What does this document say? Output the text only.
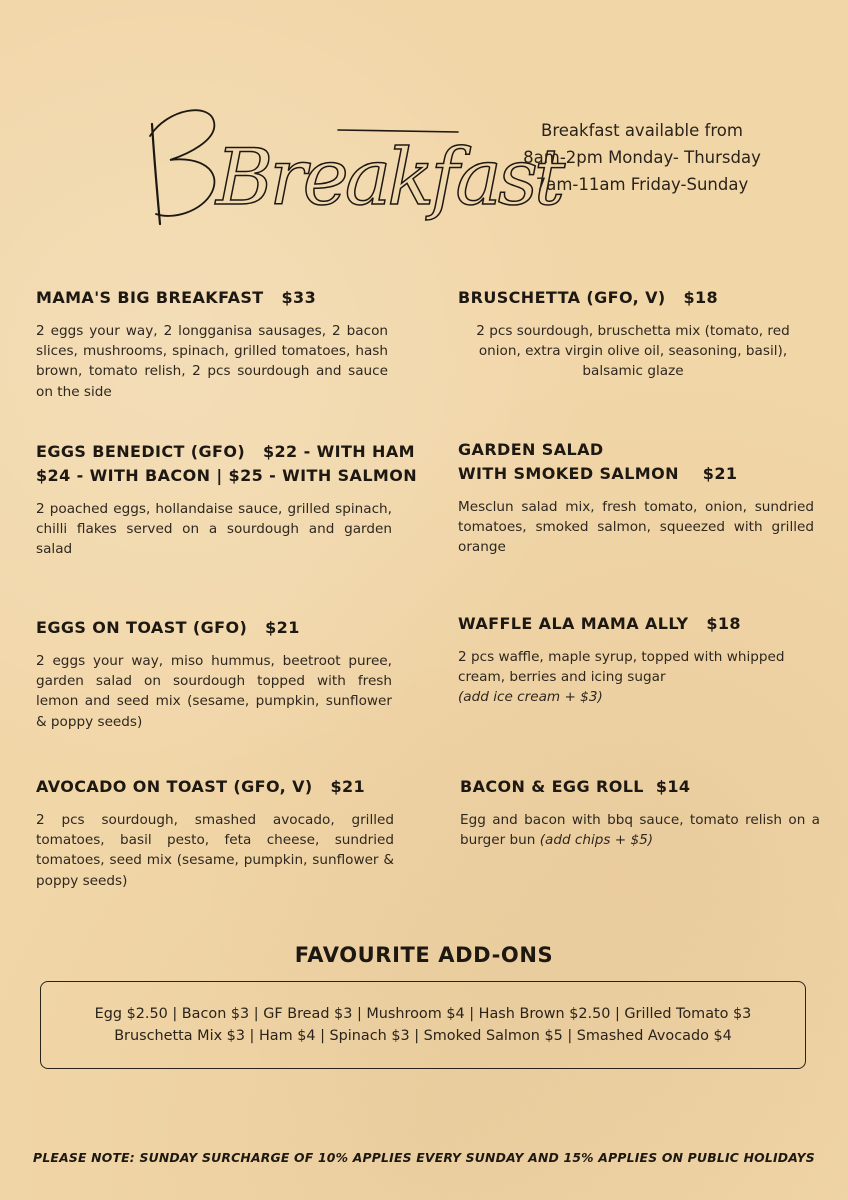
Breakfast
Breakfast available from
8am-2pm Monday- Thursday
7am-11am Friday-Sunday
MAMA'S BIG BREAKFAST   $33

2 eggs your way, 2 longganisa sausages, 2 bacon slices, mushrooms, spinach, grilled tomatoes, hash brown, tomato relish, 2 pcs sourdough and sauce on the side

EGGS BENEDICT (GFO)   $22 - WITH HAM
$24 - WITH BACON | $25 - WITH SALMON

2 poached eggs, hollandaise sauce, grilled spinach, chilli flakes served on a sourdough and garden salad

EGGS ON TOAST (GFO)   $21

2 eggs your way, miso hummus, beetroot puree, garden salad on sourdough topped with fresh lemon and seed mix (sesame, pumpkin, sunflower & poppy seeds)

AVOCADO ON TOAST (GFO, V)   $21

2 pcs sourdough, smashed avocado, grilled tomatoes, basil pesto, feta cheese, sundried tomatoes, seed mix (sesame, pumpkin, sunflower & poppy seeds)

BRUSCHETTA (GFO, V)   $18

2 pcs sourdough, bruschetta mix (tomato, red onion, extra virgin olive oil, seasoning, basil), balsamic glaze

GARDEN SALAD
WITH SMOKED SALMON    $21

Mesclun salad mix, fresh tomato, onion, sundried tomatoes, smoked salmon, squeezed with grilled orange

WAFFLE ALA MAMA ALLY   $18

2 pcs waffle, maple syrup, topped with whipped cream, berries and icing sugar
(add ice cream + $3)

BACON & EGG ROLL  $14

Egg and bacon with bbq sauce, tomato relish on a burger bun (add chips + $5)

FAVOURITE ADD-ONS
Egg $2.50 | Bacon $3 | GF Bread $3 | Mushroom $4 | Hash Brown $2.50 | Grilled Tomato $3
Bruschetta Mix $3 | Ham $4 | Spinach $3 | Smoked Salmon $5 | Smashed Avocado $4
PLEASE NOTE: SUNDAY SURCHARGE OF 10% APPLIES EVERY SUNDAY AND 15% APPLIES ON PUBLIC HOLIDAYS
